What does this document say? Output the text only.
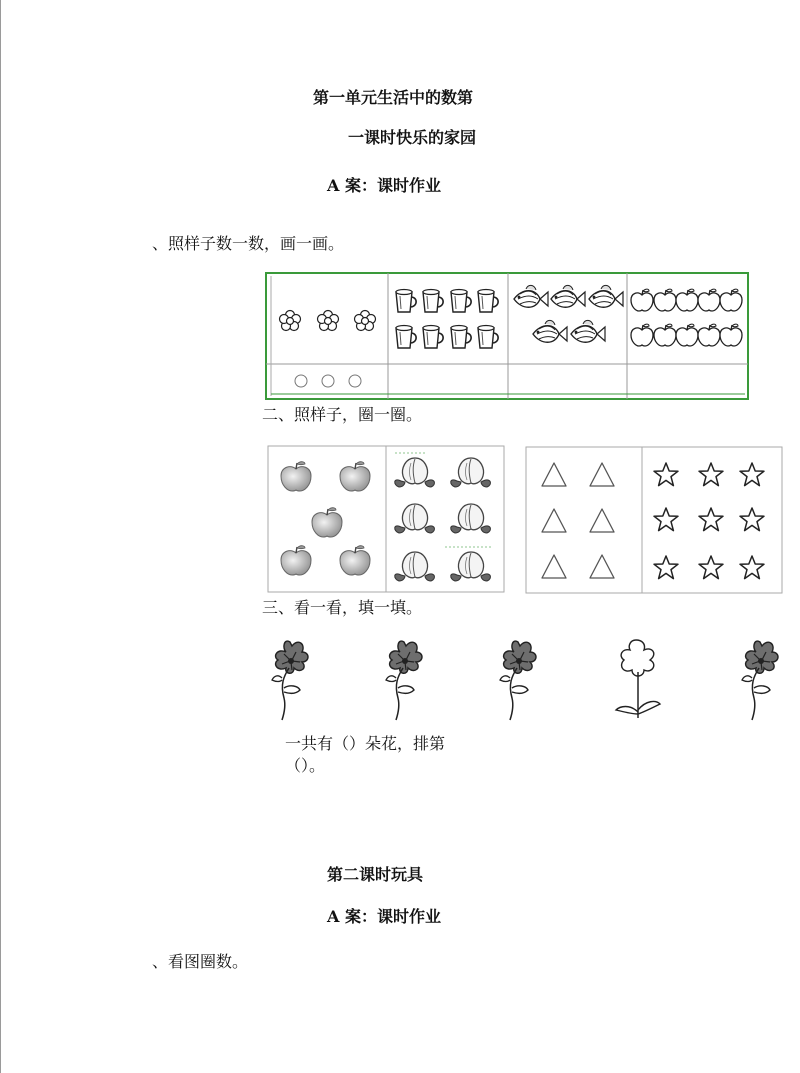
第一单元生活中的数第
一课时快乐的家园
A 案：课时作业
、照样子数一数，画一画。
二、照样子，圈一圈。
三、看一看，填一填。
一共有（）朵花，排第
（）。
第二课时玩具
A 案：课时作业
、看图圈数。
